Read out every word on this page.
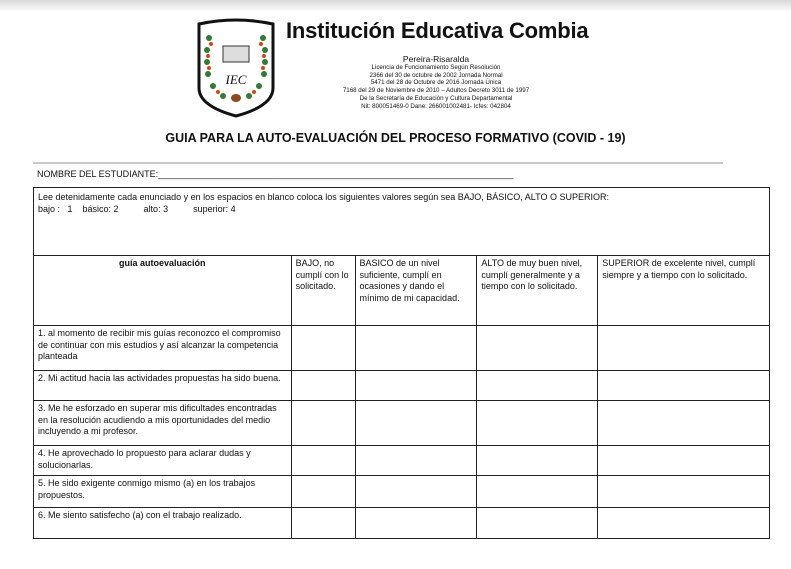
IEC
Institución Educativa Combia
Pereira-Risaralda
Licencia de Funcionamiento Según Resolución
2366 del 30 de octubre de 2002 Jornada Normal
5471 del 28 de Octubre de 2016 Jornada Única
7168 del 29 de Noviembre de 2010 – Adultos Decreto 3011 de 1997
De la Secretaría de Educación y Cultura Departamental
Nit: 800051469-0 Dane: 266001002481- Icfes: 042804
GUIA PARA LA AUTO-EVALUACIÓN DEL PROCESO FORMATIVO (COVID - 19)
NOMBRE DEL ESTUDIANTE:_______________________________________________________________________
Lee detenidamente cada enunciado y en los espacios en blanco coloca los siguientes valores según sea BAJO, BÁSICO, ALTO O SUPERIOR:
bajo :   1    básico: 2          alto: 3          superior: 4
guía autoevaluación	BAJO, no cumplí con lo solicitado.	BASICO de un nivel suficiente, cumplí en ocasiones y dando el mínimo de mi capacidad.	ALTO de muy buen nivel, cumplí generalmente y a tiempo con lo solicitado.	SUPERIOR de excelente nivel, cumplí siempre y a tiempo con lo solicitado.
1. al momento de recibir mis guías reconozco el compromiso de continuar con mis estudios y así alcanzar la competencia planteada				
2. Mi actitud hacia las actividades propuestas ha sido buena.				
3. Me he esforzado en superar mis dificultades encontradas en la resolución acudiendo a mis oportunidades del medio incluyendo a mi profesor.				
4. He aprovechado lo propuesto para aclarar dudas y solucionarlas.				
5. He sido exigente conmigo mismo (a) en los trabajos propuestos.				
6. Me siento satisfecho (a) con el trabajo realizado.				
